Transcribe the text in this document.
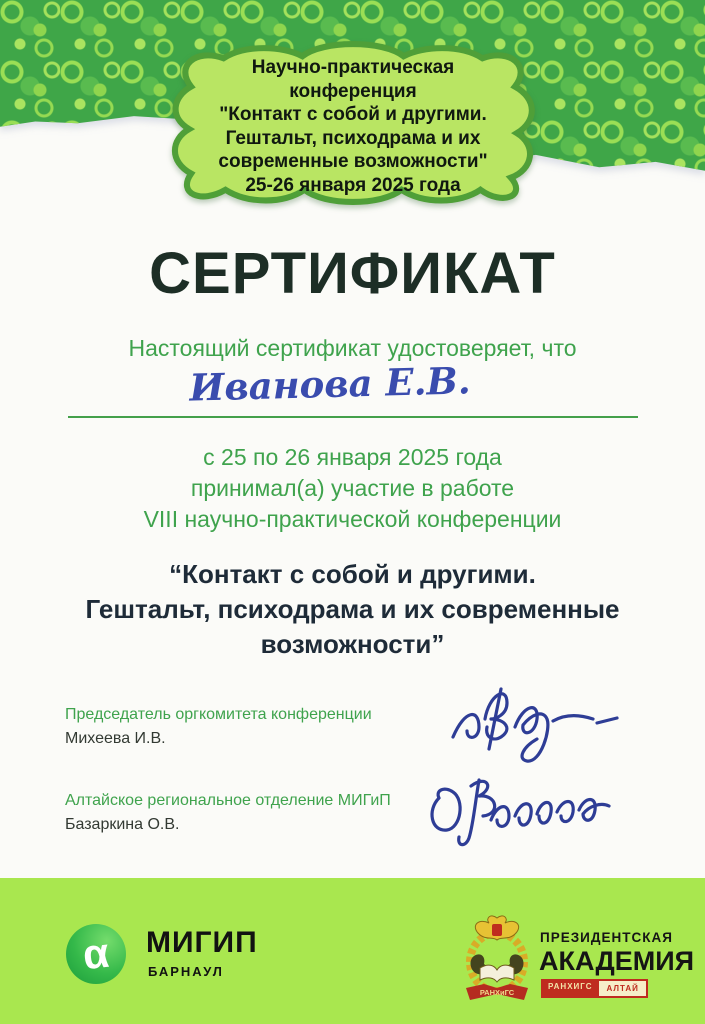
Научно-практическая
конференция
"Контакт с собой и другими.
Гештальт, психодрама и их
современные возможности"
25-26 января 2025 года
СЕРТИФИКАТ
Настоящий сертификат удостоверяет, что
Иванова Е.В.
с 25 по 26 января 2025 года
принимал(а) участие в работе
VIII научно-практической конференции
“Контакт с собой и другими.
Гештальт, психодрама и их современные
возможности”
Председатель оргкомитета конференции
Михеева И.В.
Алтайское региональное отделение МИГиП
Базаркина О.В.
α МИГИП
БАРНАУЛ
РАНХиГС
ПРЕЗИДЕНТСКАЯ
АКАДЕМИЯ
РАНХИГС	АЛТАЙ
